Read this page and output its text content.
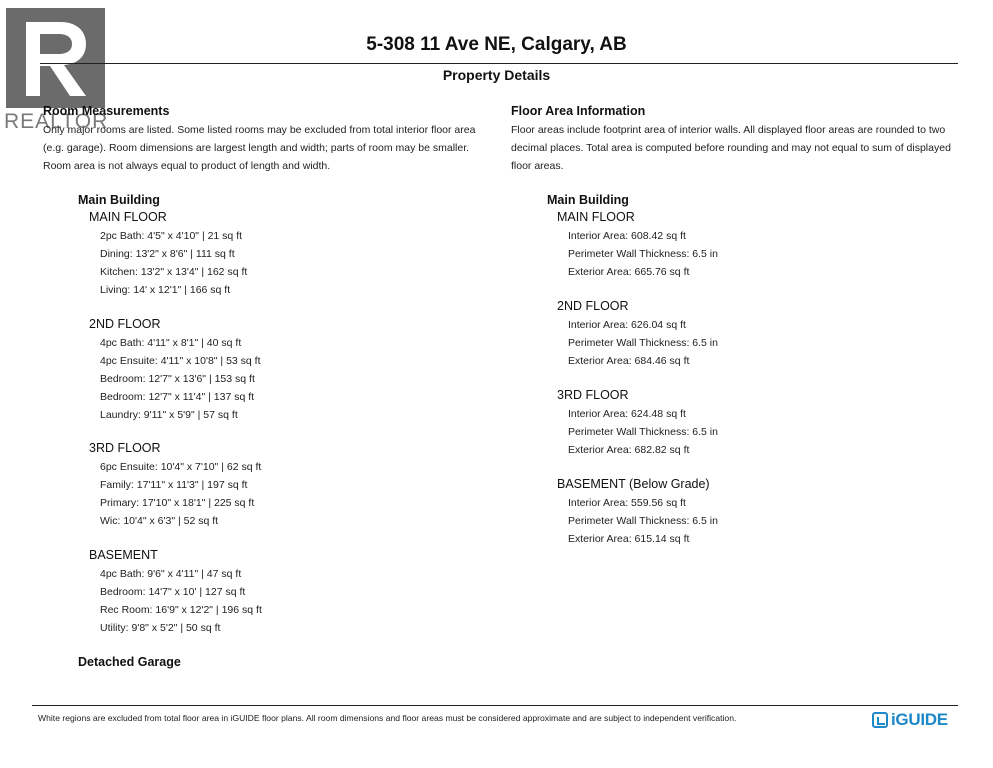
REALTOR
5-308 11 Ave NE, Calgary, AB
Property Details
Room Measurements
Only major rooms are listed. Some listed rooms may be excluded from total interior floor area
(e.g. garage). Room dimensions are largest length and width; parts of room may be smaller.
Room area is not always equal to product of length and width.
Main Building
MAIN FLOOR
2pc Bath: 4'5" x 4'10" | 21 sq ft
Dining: 13'2" x 8'6" | 111 sq ft
Kitchen: 13'2" x 13'4" | 162 sq ft
Living: 14' x 12'1" | 166 sq ft
2ND FLOOR
4pc Bath: 4'11" x 8'1" | 40 sq ft
4pc Ensuite: 4'11" x 10'8" | 53 sq ft
Bedroom: 12'7" x 13'6" | 153 sq ft
Bedroom: 12'7" x 11'4" | 137 sq ft
Laundry: 9'11" x 5'9" | 57 sq ft
3RD FLOOR
6pc Ensuite: 10'4" x 7'10" | 62 sq ft
Family: 17'11" x 11'3" | 197 sq ft
Primary: 17'10" x 18'1" | 225 sq ft
Wic: 10'4" x 6'3" | 52 sq ft
BASEMENT
4pc Bath: 9'6" x 4'11" | 47 sq ft
Bedroom: 14'7" x 10' | 127 sq ft
Rec Room: 16'9" x 12'2" | 196 sq ft
Utility: 9'8" x 5'2" | 50 sq ft
Detached Garage
Floor Area Information
Floor areas include footprint area of interior walls. All displayed floor areas are rounded to two
decimal places. Total area is computed before rounding and may not equal to sum of displayed
floor areas.
Main Building
MAIN FLOOR
Interior Area: 608.42 sq ft
Perimeter Wall Thickness: 6.5 in
Exterior Area: 665.76 sq ft
2ND FLOOR
Interior Area: 626.04 sq ft
Perimeter Wall Thickness: 6.5 in
Exterior Area: 684.46 sq ft
3RD FLOOR
Interior Area: 624.48 sq ft
Perimeter Wall Thickness: 6.5 in
Exterior Area: 682.82 sq ft
BASEMENT (Below Grade)
Interior Area: 559.56 sq ft
Perimeter Wall Thickness: 6.5 in
Exterior Area: 615.14 sq ft
White regions are excluded from total floor area in iGUIDE floor plans. All room dimensions and floor areas must be considered approximate and are subject to independent verification.	iGUIDE
